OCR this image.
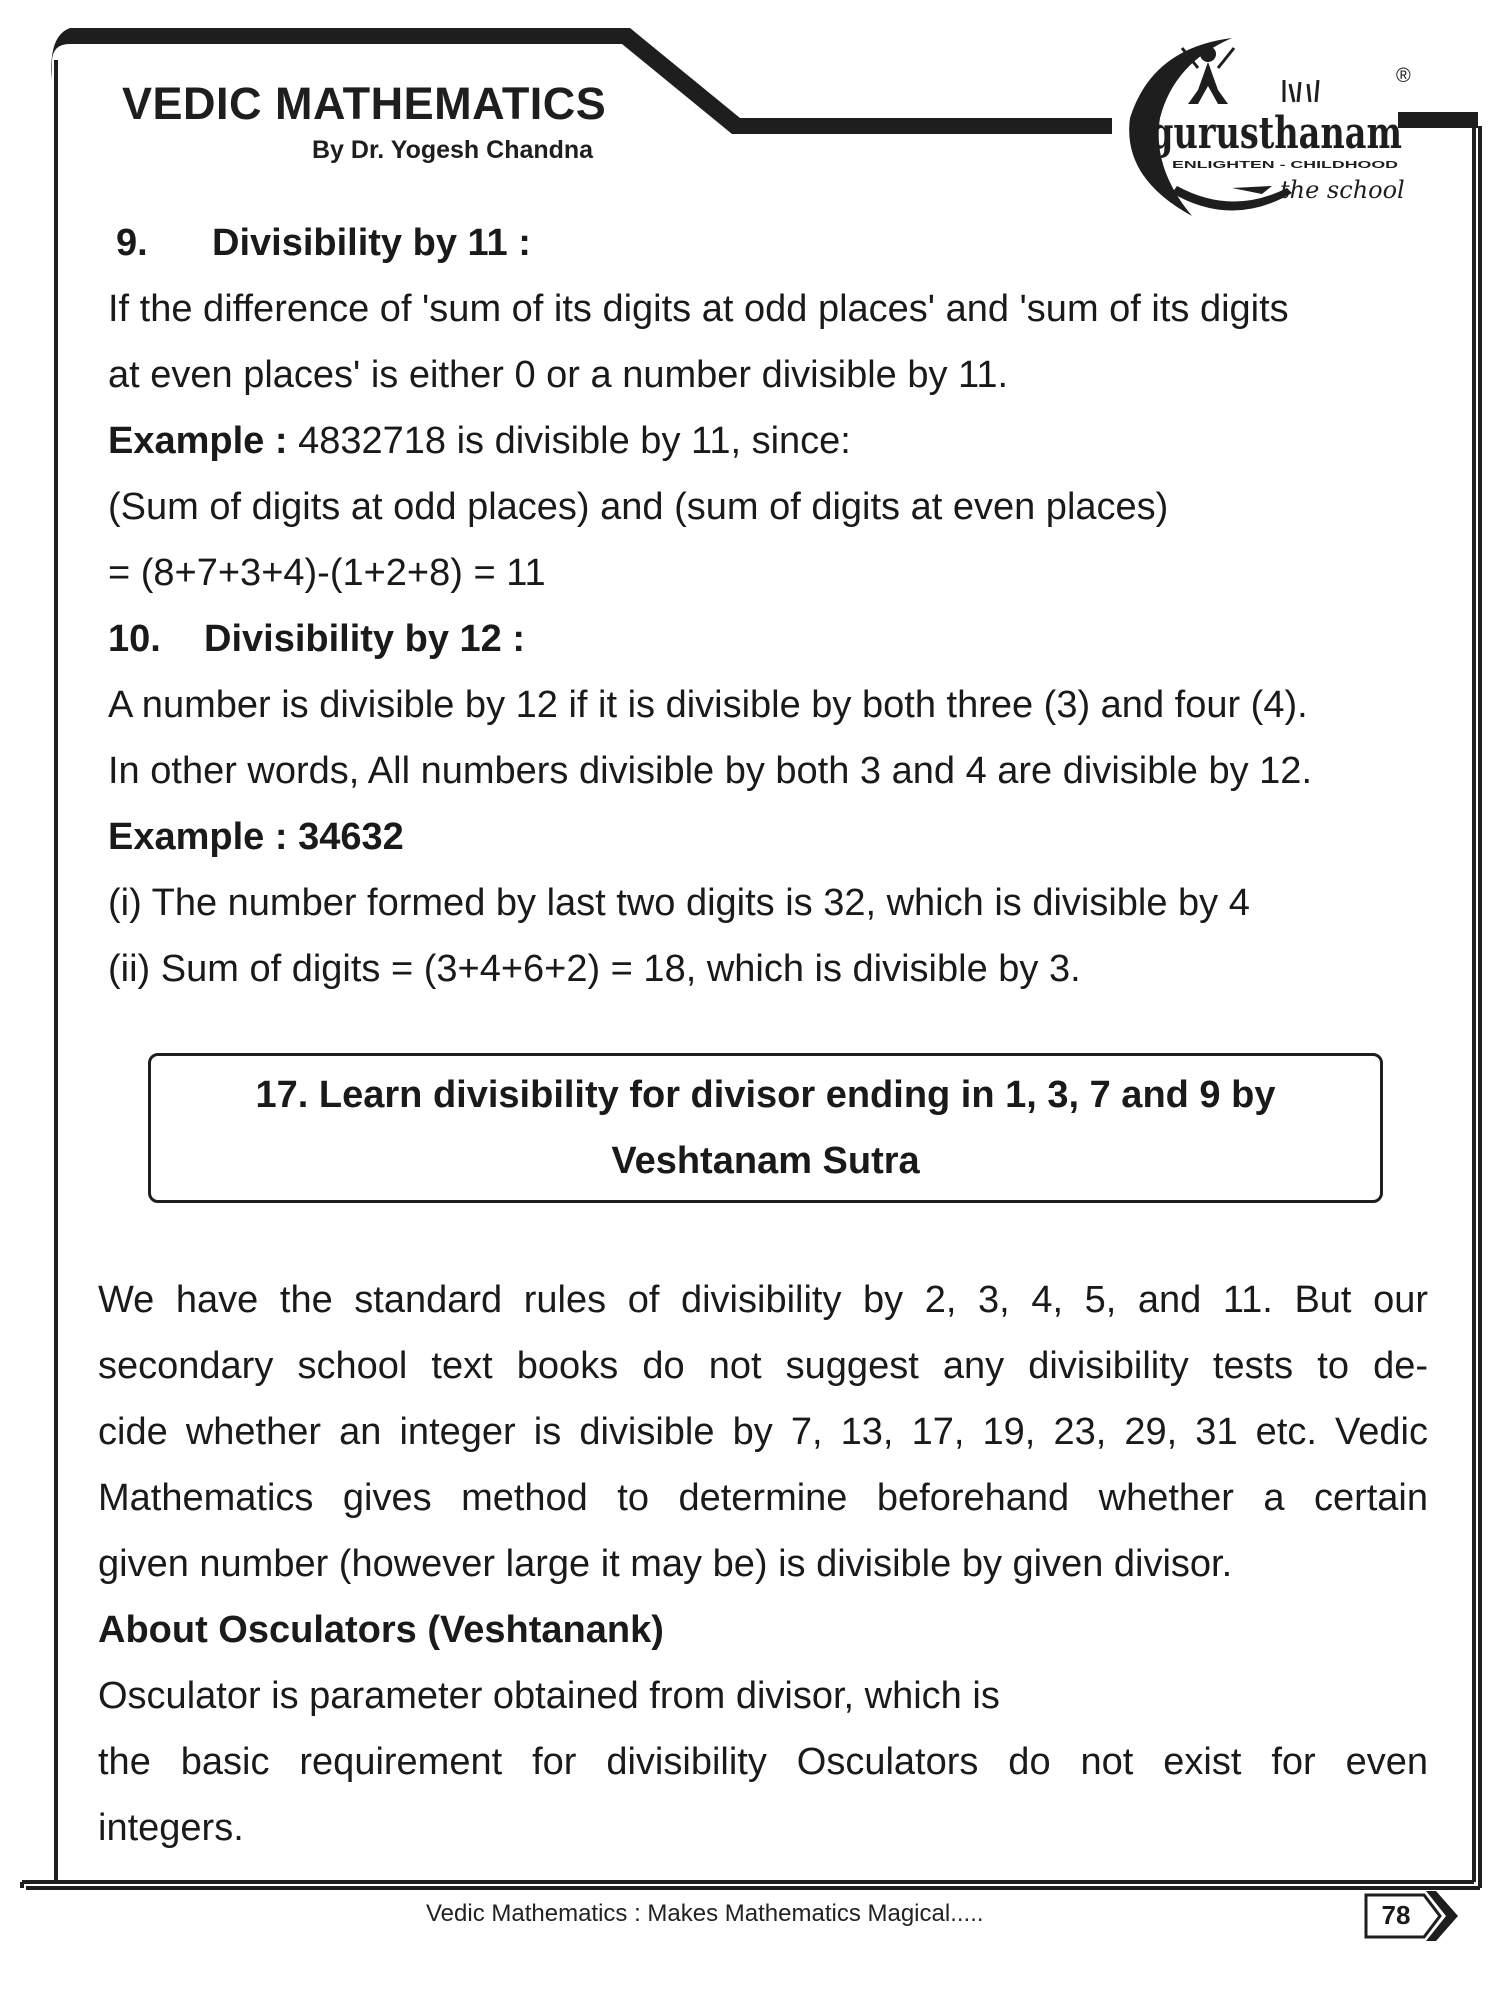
VEDIC MATHEMATICS
By Dr. Yogesh Chandna
®
gurusthanam
ENLIGHTEN - CHILDHOOD
the school

9. Divisibility by 11 :

If the difference of 'sum of its digits at odd places' and 'sum of its digits

at even places' is either 0 or a number divisible by 11.

Example : 4832718 is divisible by 11, since:

(Sum of digits at odd places) and (sum of digits at even places)

= (8+7+3+4)-(1+2+8) = 11

10. Divisibility by 12 :

A number is divisible by 12 if it is divisible by both three (3) and four (4).

In other words, All numbers divisible by both 3 and 4 are divisible by 12.

Example : 34632

(i) The number formed by last two digits is 32, which is divisible by 4

(ii) Sum of digits = (3+4+6+2) = 18, which is divisible by 3.

17. Learn divisibility for divisor ending in 1, 3, 7 and 9 by
Veshtanam Sutra

We have the standard rules of divisibility by 2, 3, 4, 5, and 11. But our

secondary school text books do not suggest any divisibility tests to de-

cide whether an integer is divisible by 7, 13, 17, 19, 23, 29, 31 etc. Vedic

Mathematics gives method to determine beforehand whether a certain

given number (however large it may be) is divisible by given divisor.

About Osculators (Veshtanank)

Osculator is parameter obtained from divisor, which is

the basic requirement for divisibility Osculators do not exist for even

integers.

Vedic Mathematics : Makes Mathematics Magical.....	78
